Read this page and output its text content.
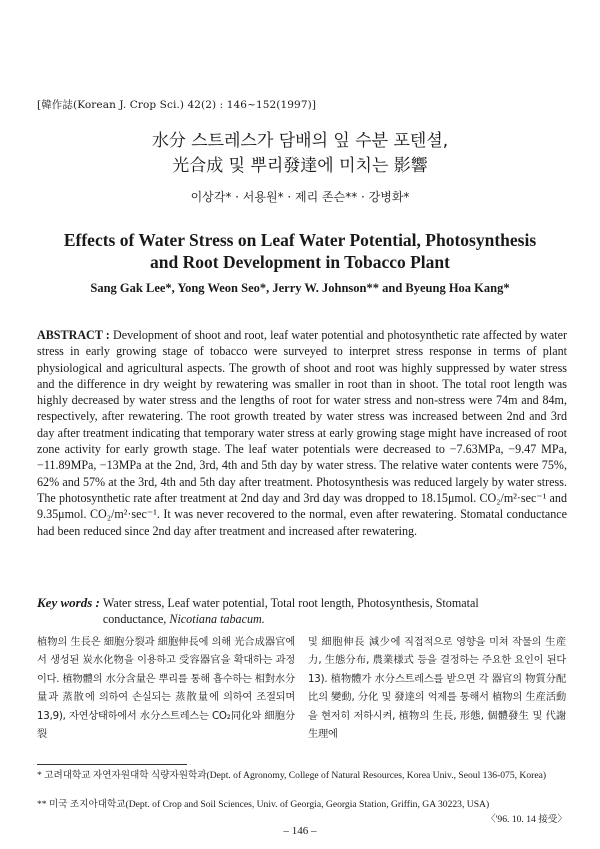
[韓作誌(Korean J. Crop Sci.) 42(2) : 146~152(1997)]
水分 스트레스가 담배의 잎 수분 포텐셜,
光合成 및 뿌리發達에 미치는 影響
이상각* · 서용원* · 제리 존슨** · 강병화*
Effects of Water Stress on Leaf Water Potential, Photosynthesis
and Root Development in Tobacco Plant
Sang Gak Lee*, Yong Weon Seo*, Jerry W. Johnson** and Byeung Hoa Kang*
ABSTRACT : Development of shoot and root, leaf water potential and photosynthetic rate affected by water stress in early growing stage of tobacco were surveyed to interpret stress response in terms of plant physiological and agricultural aspects. The growth of shoot and root was highly suppressed by water stress and the difference in dry weight by rewatering was smaller in root than in shoot. The total root length was highly decreased by water stress and the lengths of root for water stress and non-stress were 74m and 84m, respectively, after rewatering. The root growth treated by water stress was increased between 2nd and 3rd day after treatment indicating that temporary water stress at early growing stage might have increased of root zone activity for early growth stage. The leaf water potentials were decreased to −7.63MPa, −9.47 MPa, −11.89MPa, −13MPa at the 2nd, 3rd, 4th and 5th day by water stress. The relative water contents were 75%, 62% and 57% at the 3rd, 4th and 5th day after treatment. Photosynthesis was reduced largely by water stress. The photosynthetic rate after treatment at 2nd day and 3rd day was dropped to 18.15μmol. CO₂/m²·sec⁻¹ and 9.35μmol. CO₂/m²·sec⁻¹. It was never recovered to the normal, even after rewatering. Stomatal conductance had been reduced since 2nd day after treatment and increased after rewatering.
Key words : Water stress, Leaf water potential, Total root length, Photosynthesis, Stomatal conductance, Nicotiana tabacum.
植物의 生長은 細胞分裂과 細胞伸長에 의해 光合成器官에서 생성된 炭水化物을 이용하고 受容器官을 확대하는 과정이다. 植物體의 水分含量은 뿌리를 통해 흡수하는 相對水分量과 蒸散에 의하여 손실되는 蒸散量에 의하여 조절되며13,9), 자연상태하에서 水分스트레스는 CO₂同化와 細胞分裂
및 細胞伸長 減少에 직접적으로 영향을 미쳐 작물의 生産力, 生態分布, 農業様式 등을 결정하는 주요한 요인이 된다13). 植物體가 水分스트레스를 받으면 각 器官의 物質分配比의 變動, 分化 및 發達의 억제를 통해서 植物의 生産活動을 현저히 저하시켜, 植物의 生長, 形態, 個體發生 및 代謝生理에
* 고려대학교 자연자원대학 식량자원학과(Dept. of Agronomy, College of Natural Resources, Korea Univ., Seoul 136-075, Korea)
** 미국 조지아대학교(Dept. of Crop and Soil Sciences, Univ. of Georgia, Georgia Station, Griffin, GA 30223, USA)
〈'96. 10. 14 接受〉
– 146 –
